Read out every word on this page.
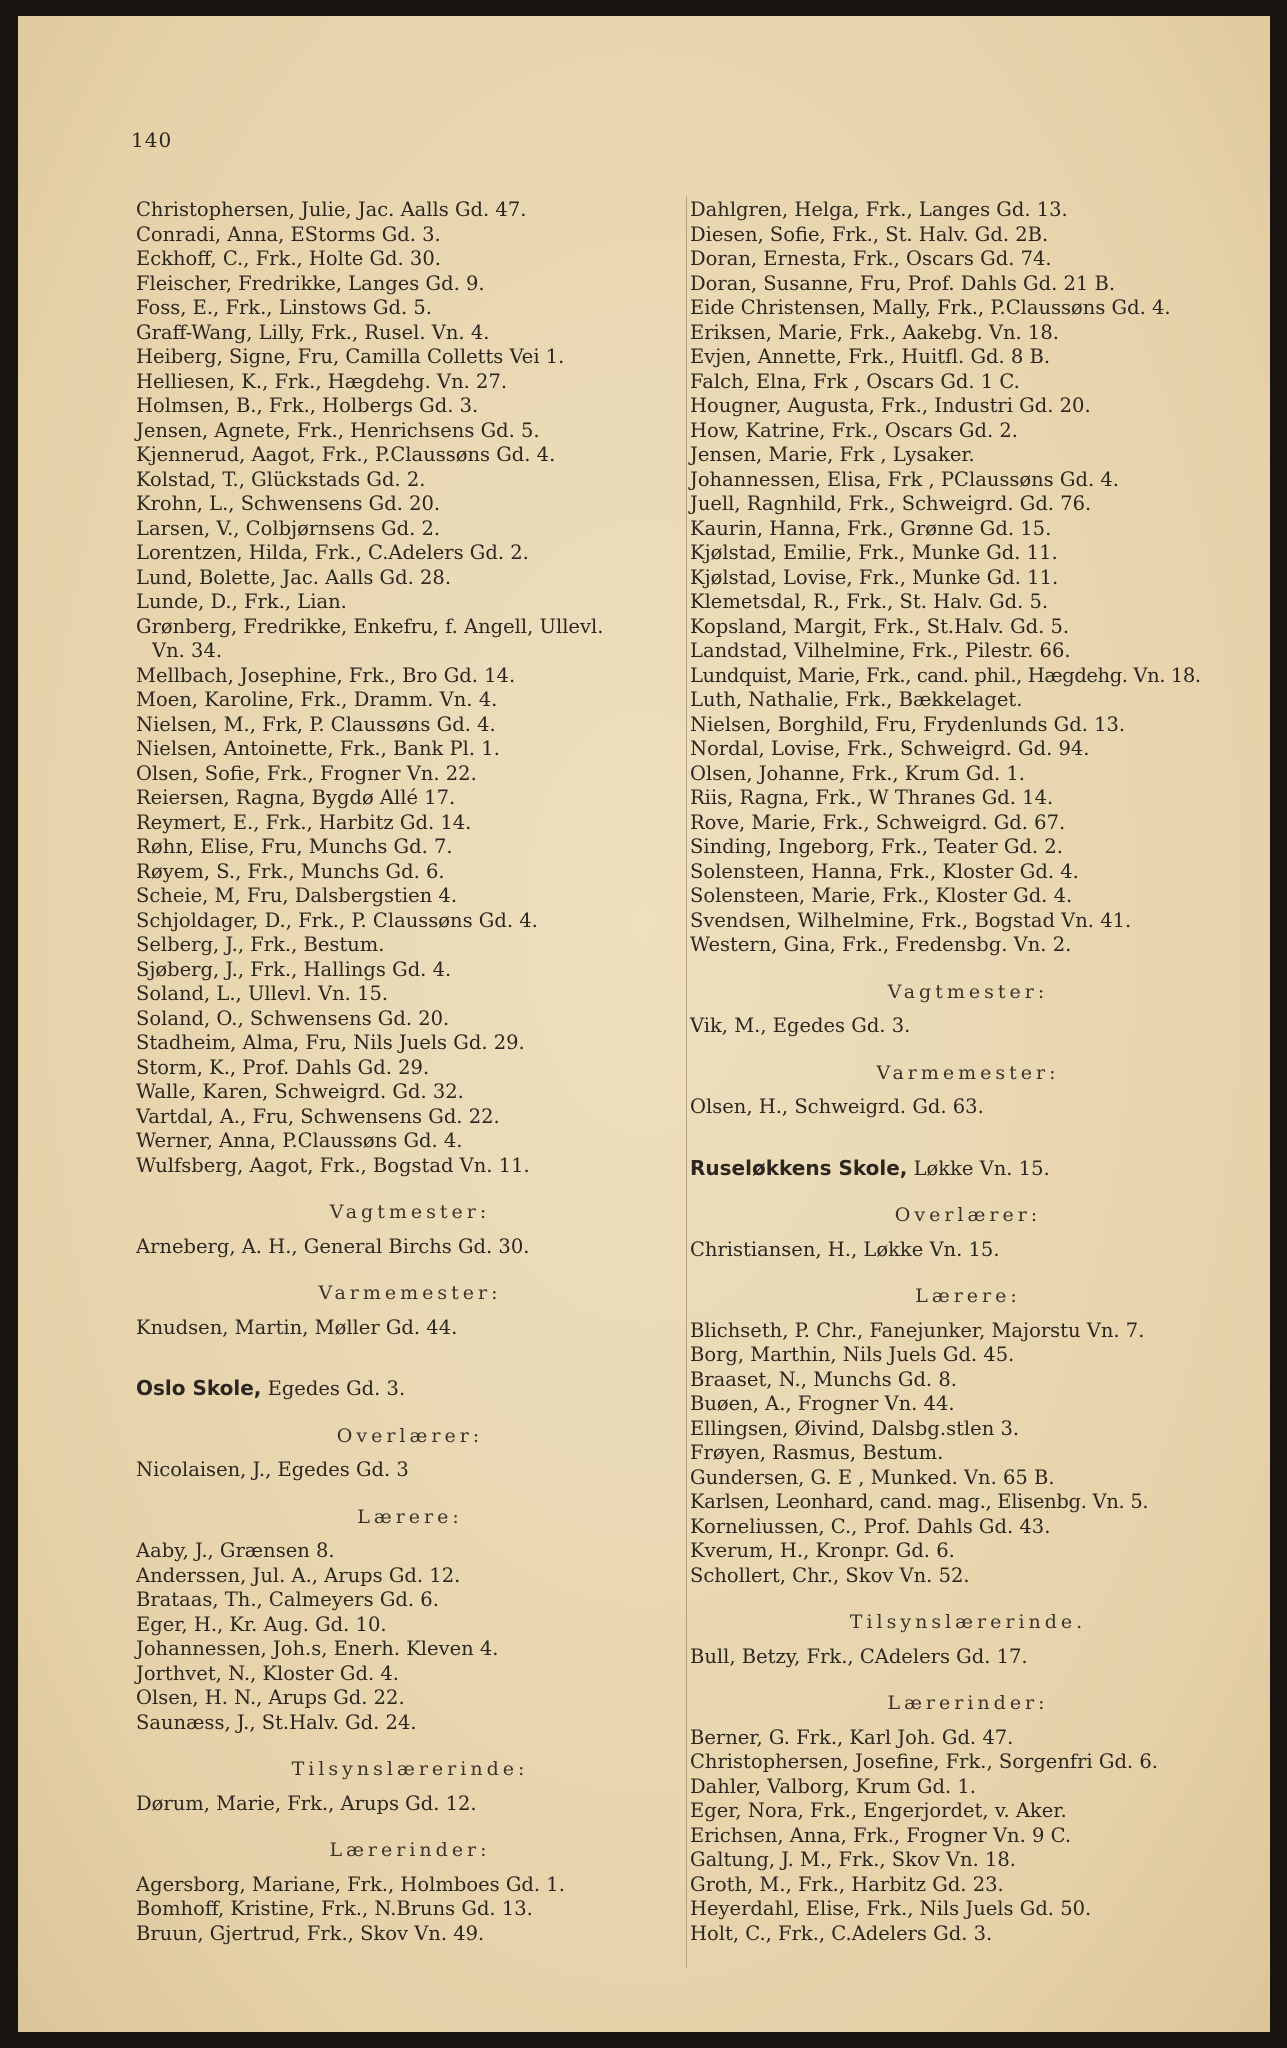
140
Christophersen, Julie, Jac. Aalls Gd. 47.
Conradi, Anna, EStorms Gd. 3.
Eckhoff, C., Frk., Holte Gd. 30.
Fleischer, Fredrikke, Langes Gd. 9.
Foss, E., Frk., Linstows Gd. 5.
Graff-Wang, Lilly, Frk., Rusel. Vn. 4.
Heiberg, Signe, Fru, Camilla Colletts Vei 1.
Helliesen, K., Frk., Hægdehg. Vn. 27.
Holmsen, B., Frk., Holbergs Gd. 3.
Jensen, Agnete, Frk., Henrichsens Gd. 5.
Kjennerud, Aagot, Frk., P.Claussøns Gd. 4.
Kolstad, T., Glückstads Gd. 2.
Krohn, L., Schwensens Gd. 20.
Larsen, V., Colbjørnsens Gd. 2.
Lorentzen, Hilda, Frk., C.Adelers Gd. 2.
Lund, Bolette, Jac. Aalls Gd. 28.
Lunde, D., Frk., Lian.
Grønberg, Fredrikke, Enkefru, f. Angell, Ullevl.
Vn. 34.
Mellbach, Josephine, Frk., Bro Gd. 14.
Moen, Karoline, Frk., Dramm. Vn. 4.
Nielsen, M., Frk, P. Claussøns Gd. 4.
Nielsen, Antoinette, Frk., Bank Pl. 1.
Olsen, Sofie, Frk., Frogner Vn. 22.
Reiersen, Ragna, Bygdø Allé 17.
Reymert, E., Frk., Harbitz Gd. 14.
Røhn, Elise, Fru, Munchs Gd. 7.
Røyem, S., Frk., Munchs Gd. 6.
Scheie, M, Fru, Dalsbergstien 4.
Schjoldager, D., Frk., P. Claussøns Gd. 4.
Selberg, J., Frk., Bestum.
Sjøberg, J., Frk., Hallings Gd. 4.
Soland, L., Ullevl. Vn. 15.
Soland, O., Schwensens Gd. 20.
Stadheim, Alma, Fru, Nils Juels Gd. 29.
Storm, K., Prof. Dahls Gd. 29.
Walle, Karen, Schweigrd. Gd. 32.
Vartdal, A., Fru, Schwensens Gd. 22.
Werner, Anna, P.Claussøns Gd. 4.
Wulfsberg, Aagot, Frk., Bogstad Vn. 11.
Vagtmester:
Arneberg, A. H., General Birchs Gd. 30.
Varmemester:
Knudsen, Martin, Møller Gd. 44.
Oslo Skole, Egedes Gd. 3.
Overlærer:
Nicolaisen, J., Egedes Gd. 3
Lærere:
Aaby, J., Grænsen 8.
Anderssen, Jul. A., Arups Gd. 12.
Brataas, Th., Calmeyers Gd. 6.
Eger, H., Kr. Aug. Gd. 10.
Johannessen, Joh.s, Enerh. Kleven 4.
Jorthvet, N., Kloster Gd. 4.
Olsen, H. N., Arups Gd. 22.
Saunæss, J., St.Halv. Gd. 24.
Tilsynslærerinde:
Dørum, Marie, Frk., Arups Gd. 12.
Lærerinder:
Agersborg, Mariane, Frk., Holmboes Gd. 1.
Bomhoff, Kristine, Frk., N.Bruns Gd. 13.
Bruun, Gjertrud, Frk., Skov Vn. 49.
Dahlgren, Helga, Frk., Langes Gd. 13.
Diesen, Sofie, Frk., St. Halv. Gd. 2B.
Doran, Ernesta, Frk., Oscars Gd. 74.
Doran, Susanne, Fru, Prof. Dahls Gd. 21 B.
Eide Christensen, Mally, Frk., P.Claussøns Gd. 4.
Eriksen, Marie, Frk., Aakebg. Vn. 18.
Evjen, Annette, Frk., Huitfl. Gd. 8 B.
Falch, Elna, Frk , Oscars Gd. 1 C.
Hougner, Augusta, Frk., Industri Gd. 20.
How, Katrine, Frk., Oscars Gd. 2.
Jensen, Marie, Frk , Lysaker.
Johannessen, Elisa, Frk , PClaussøns Gd. 4.
Juell, Ragnhild, Frk., Schweigrd. Gd. 76.
Kaurin, Hanna, Frk., Grønne Gd. 15.
Kjølstad, Emilie, Frk., Munke Gd. 11.
Kjølstad, Lovise, Frk., Munke Gd. 11.
Klemetsdal, R., Frk., St. Halv. Gd. 5.
Kopsland, Margit, Frk., St.Halv. Gd. 5.
Landstad, Vilhelmine, Frk., Pilestr. 66.
Lundquist, Marie, Frk., cand. phil., Hægdehg. Vn. 18.
Luth, Nathalie, Frk., Bækkelaget.
Nielsen, Borghild, Fru, Frydenlunds Gd. 13.
Nordal, Lovise, Frk., Schweigrd. Gd. 94.
Olsen, Johanne, Frk., Krum Gd. 1.
Riis, Ragna, Frk., W Thranes Gd. 14.
Rove, Marie, Frk., Schweigrd. Gd. 67.
Sinding, Ingeborg, Frk., Teater Gd. 2.
Solensteen, Hanna, Frk., Kloster Gd. 4.
Solensteen, Marie, Frk., Kloster Gd. 4.
Svendsen, Wilhelmine, Frk., Bogstad Vn. 41.
Western, Gina, Frk., Fredensbg. Vn. 2.
Vagtmester:
Vik, M., Egedes Gd. 3.
Varmemester:
Olsen, H., Schweigrd. Gd. 63.
Ruseløkkens Skole, Løkke Vn. 15.
Overlærer:
Christiansen, H., Løkke Vn. 15.
Lærere:
Blichseth, P. Chr., Fanejunker, Majorstu Vn. 7.
Borg, Marthin, Nils Juels Gd. 45.
Braaset, N., Munchs Gd. 8.
Buøen, A., Frogner Vn. 44.
Ellingsen, Øivind, Dalsbg.stlen 3.
Frøyen, Rasmus, Bestum.
Gundersen, G. E , Munked. Vn. 65 B.
Karlsen, Leonhard, cand. mag., Elisenbg. Vn. 5.
Korneliussen, C., Prof. Dahls Gd. 43.
Kverum, H., Kronpr. Gd. 6.
Schollert, Chr., Skov Vn. 52.
Tilsynslærerinde.
Bull, Betzy, Frk., CAdelers Gd. 17.
Lærerinder:
Berner, G. Frk., Karl Joh. Gd. 47.
Christophersen, Josefine, Frk., Sorgenfri Gd. 6.
Dahler, Valborg, Krum Gd. 1.
Eger, Nora, Frk., Engerjordet, v. Aker.
Erichsen, Anna, Frk., Frogner Vn. 9 C.
Galtung, J. M., Frk., Skov Vn. 18.
Groth, M., Frk., Harbitz Gd. 23.
Heyerdahl, Elise, Frk., Nils Juels Gd. 50.
Holt, C., Frk., C.Adelers Gd. 3.
